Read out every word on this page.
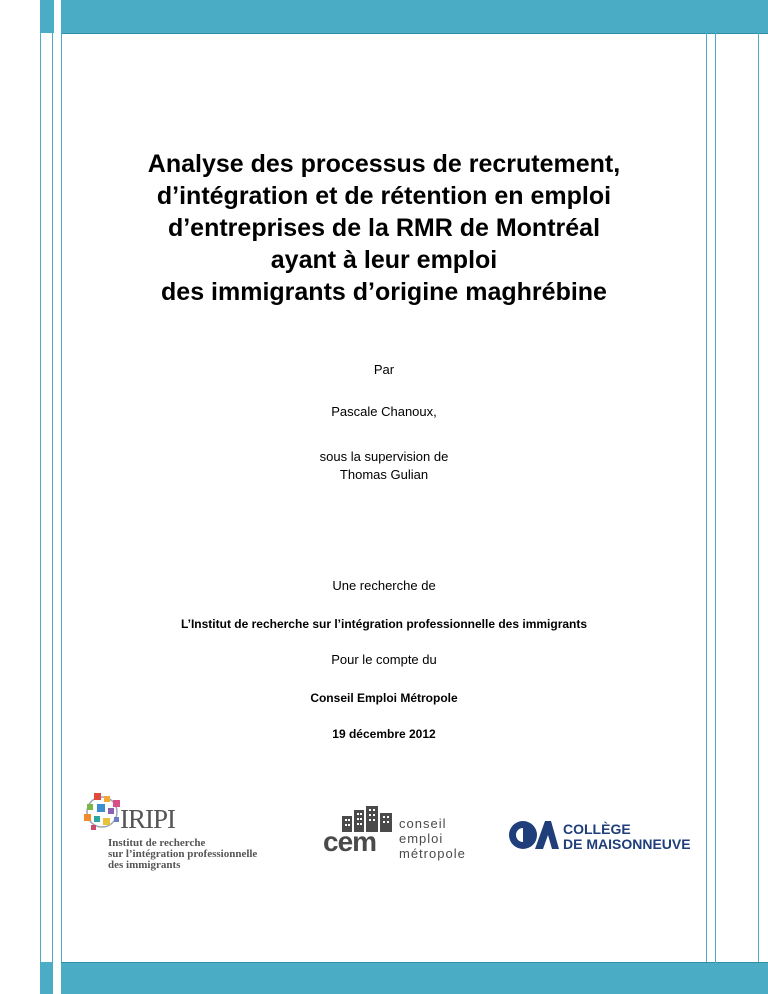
Analyse des processus de recrutement,
d’intégration et de rétention en emploi
d’entreprises de la RMR de Montréal
ayant à leur emploi
des immigrants d’origine maghrébine
Par
Pascale Chanoux,
sous la supervision de
Thomas Gulian
Une recherche de
L’Institut de recherche sur l’intégration professionnelle des immigrants
Pour le compte du
Conseil Emploi Métropole
19 décembre 2012
IRIPI
Institut de recherche
sur l’intégration professionnelle
des immigrants
cem
conseil
emploi
métropole
COLLÈGE
DE MAISONNEUVE
